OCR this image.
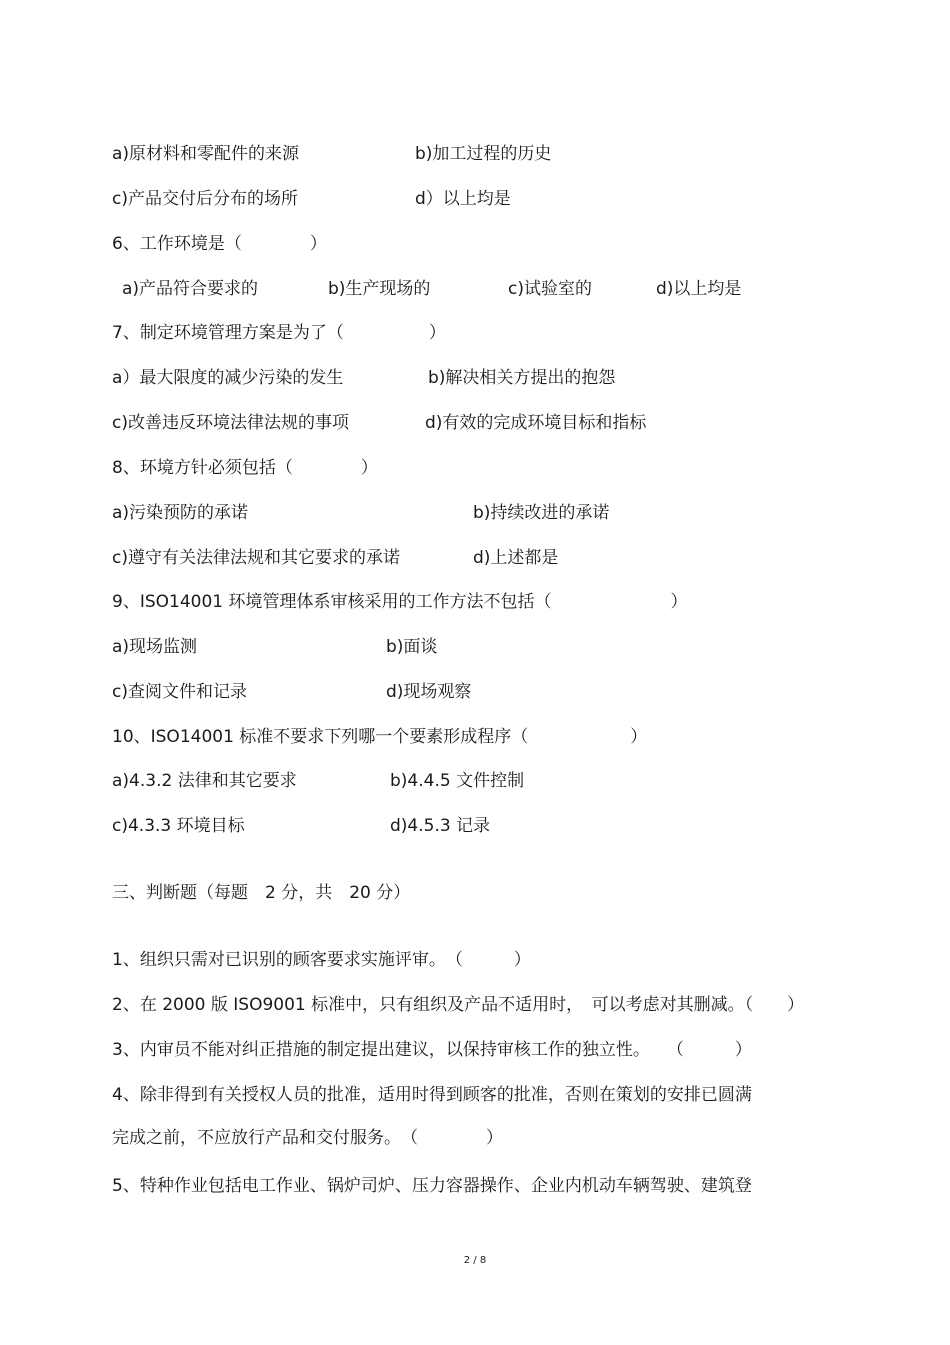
a)原材料和零配件的来源	b)加工过程的历史
c)产品交付后分布的场所	d）以上均是
6、工作环境是（　　　　）
a)产品符合要求的	b)生产现场的	c)试验室的	d)以上均是
7、制定环境管理方案是为了（　　　　　）
a）最大限度的减少污染的发生	b)解决相关方提出的抱怨
c)改善违反环境法律法规的事项	d)有效的完成环境目标和指标
8、环境方针必须包括（　　　　）
a)污染预防的承诺	b)持续改进的承诺
c)遵守有关法律法规和其它要求的承诺	d)上述都是
9、ISO14001 环境管理体系审核采用的工作方法不包括（　　　　　　　）
a)现场监测	b)面谈
c)查阅文件和记录	d)现场观察
10、ISO14001 标准不要求下列哪一个要素形成程序（　　　　　　）
a)4.3.2 法律和其它要求	b)4.4.5 文件控制
c)4.3.3 环境目标	d)4.5.3 记录
三、判断题（每题　2 分，共　20 分）
1、组织只需对已识别的顾客要求实施评审。　（　　　）
2、在 2000 版 ISO9001 标准中，只有组织及产品不适用时，　可以考虑对其删减。（　　）
3、内审员不能对纠正措施的制定提出建议，以保持审核工作的独立性。　　（　　　）
4、除非得到有关授权人员的批准，适用时得到顾客的批准，否则在策划的安排已圆满
完成之前，不应放行产品和交付服务。　（　　　　）
5、特种作业包括电工作业、锅炉司炉、压力容器操作、企业内机动车辆驾驶、建筑登
2 / 8
